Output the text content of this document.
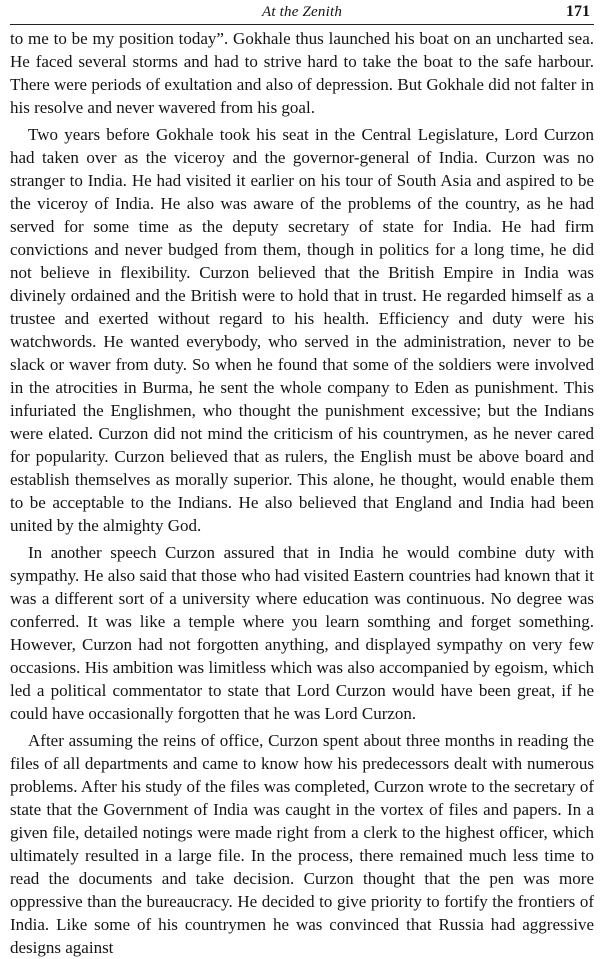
At the Zenith	171

to me to be my position today”. Gokhale thus launched his boat on an uncharted sea. He faced several storms and had to strive hard to take the boat to the safe harbour. There were periods of exultation and also of depression. But Gokhale did not falter in his resolve and never wavered from his goal.

Two years before Gokhale took his seat in the Central Legislature, Lord Curzon had taken over as the viceroy and the governor-general of India. Curzon was no stranger to India. He had visited it earlier on his tour of South Asia and aspired to be the viceroy of India. He also was aware of the problems of the country, as he had served for some time as the deputy secretary of state for India. He had firm convictions and never budged from them, though in politics for a long time, he did not believe in flexibility. Curzon believed that the British Empire in India was divinely ordained and the British were to hold that in trust. He regarded himself as a trustee and exerted without regard to his health. Efficiency and duty were his watchwords. He wanted everybody, who served in the administration, never to be slack or waver from duty. So when he found that some of the soldiers were involved in the atrocities in Burma, he sent the whole company to Eden as punishment. This infuriated the Englishmen, who thought the punishment excessive; but the Indians were elated. Curzon did not mind the criticism of his countrymen, as he never cared for popularity. Curzon believed that as rulers, the English must be above board and establish themselves as morally superior. This alone, he thought, would enable them to be acceptable to the Indians. He also believed that England and India had been united by the almighty God.

In another speech Curzon assured that in India he would combine duty with sympathy. He also said that those who had visited Eastern countries had known that it was a different sort of a university where education was continuous. No degree was conferred. It was like a temple where you learn somthing and forget something. However, Curzon had not forgotten anything, and displayed sympathy on very few occasions. His ambition was limitless which was also accompanied by egoism, which led a political commentator to state that Lord Curzon would have been great, if he could have occasionally forgotten that he was Lord Curzon.

After assuming the reins of office, Curzon spent about three months in reading the files of all departments and came to know how his predecessors dealt with numerous problems. After his study of the files was completed, Curzon wrote to the secretary of state that the Government of India was caught in the vortex of files and papers. In a given file, detailed notings were made right from a clerk to the highest officer, which ultimately resulted in a large file. In the process, there remained much less time to read the documents and take decision. Curzon thought that the pen was more oppressive than the bureaucracy. He decided to give priority to fortify the frontiers of India. Like some of his countrymen he was convinced that Russia had aggressive designs against
